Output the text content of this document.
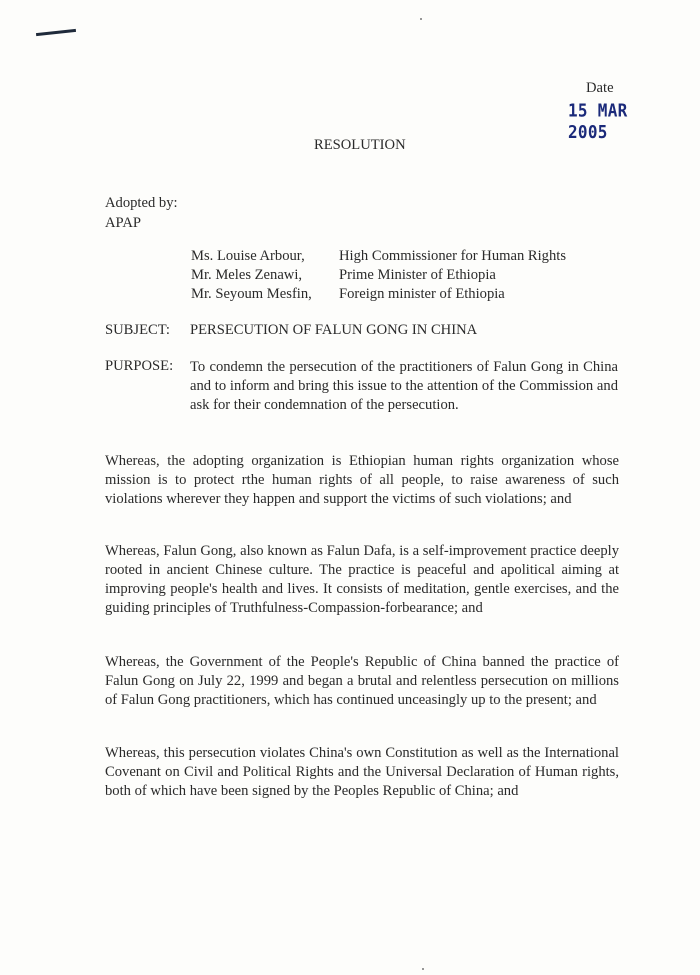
Date
15 MAR 2005
RESOLUTION
Adopted by:
APAP
Ms. Louise Arbour,	High Commissioner for Human Rights
Mr. Meles Zenawi,	Prime Minister of Ethiopia
Mr. Seyoum Mesfin,	Foreign minister of Ethiopia
SUBJECT:	PERSECUTION OF FALUN GONG IN CHINA
PURPOSE:	To condemn the persecution of the practitioners of Falun Gong in China and to inform and bring this issue to the attention of the Commission and ask for their condemnation of the persecution.
Whereas, the adopting organization is Ethiopian human rights organization whose mission is to protect rthe human rights of all people, to raise awareness of such violations wherever they happen and support the victims of such violations; and
Whereas, Falun Gong, also known as Falun Dafa, is a self-improvement practice deeply rooted in ancient Chinese culture. The practice is peaceful and apolitical aiming at improving people's health and lives. It consists of meditation, gentle exercises, and the guiding principles of Truthfulness-Compassion-forbearance; and
Whereas, the Government of the People's Republic of China banned the practice of Falun Gong on July 22, 1999 and began a brutal and relentless persecution on millions of Falun Gong practitioners, which has continued unceasingly up to the present; and
Whereas, this persecution violates China's own Constitution as well as the International Covenant on Civil and Political Rights and the Universal Declaration of Human rights, both of which have been signed by the Peoples Republic of China; and
